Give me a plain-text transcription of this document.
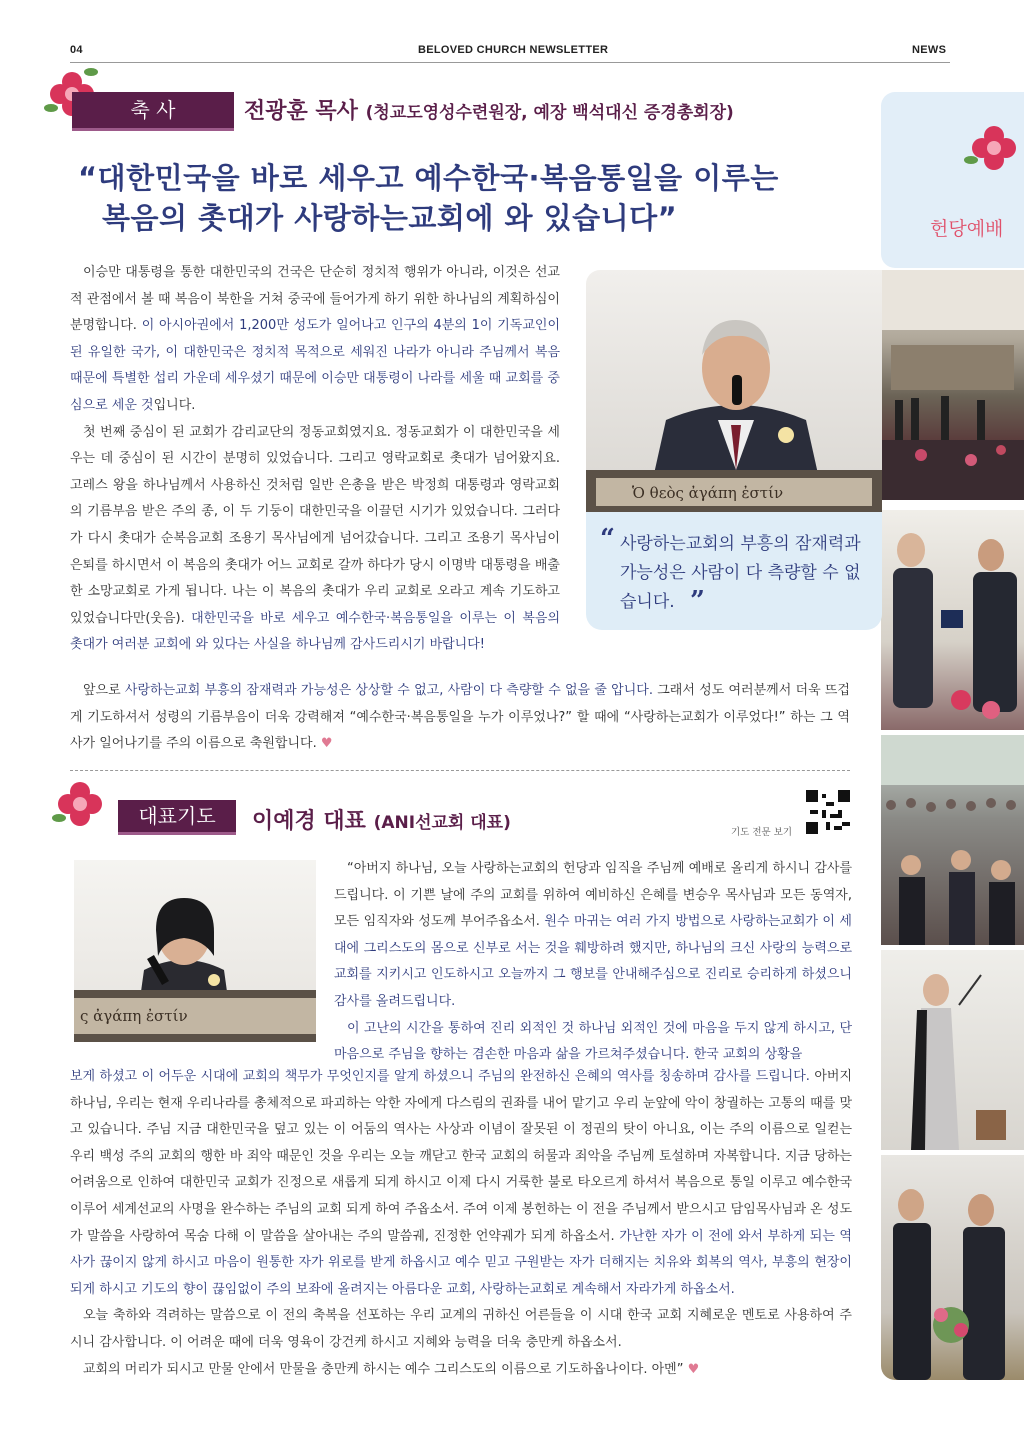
04	BELOVED CHURCH NEWSLETTER	NEWS
헌당예배
축 사	전광훈 목사 (청교도영성수련원장, 예장 백석대신 증경총회장)
“대한민국을 바로 세우고 예수한국·복음통일을 이루는
복음의 촛대가 사랑하는교회에 와 있습니다”

이승만 대통령을 통한 대한민국의 건국은 단순히 정치적 행위가 아니라, 이것은 선교적 관점에서 볼 때 복음이 북한을 거쳐 중국에 들어가게 하기 위한 하나님의 계획하심이 분명합니다. 이 아시아권에서 1,200만 성도가 일어나고 인구의 4분의 1이 기독교인이 된 유일한 국가, 이 대한민국은 정치적 목적으로 세워진 나라가 아니라 주님께서 복음 때문에 특별한 섭리 가운데 세우셨기 때문에 이승만 대통령이 나라를 세울 때 교회를 중심으로 세운 것입니다.

첫 번째 중심이 된 교회가 감리교단의 정동교회였지요. 정동교회가 이 대한민국을 세우는 데 중심이 된 시간이 분명히 있었습니다. 그리고 영락교회로 촛대가 넘어왔지요. 고레스 왕을 하나님께서 사용하신 것처럼 일반 은총을 받은 박정희 대통령과 영락교회의 기름부음 받은 주의 종, 이 두 기둥이 대한민국을 이끌던 시기가 있었습니다. 그러다가 다시 촛대가 순복음교회 조용기 목사님에게 넘어갔습니다. 그리고 조용기 목사님이 은퇴를 하시면서 이 복음의 촛대가 어느 교회로 갈까 하다가 당시 이명박 대통령을 배출한 소망교회로 가게 됩니다. 나는 이 복음의 촛대가 우리 교회로 오라고 계속 기도하고 있었습니다만(웃음). 대한민국을 바로 세우고 예수한국·복음통일을 이루는 이 복음의 촛대가 여러분 교회에 와 있다는 사실을 하나님께 감사드리시기 바랍니다!

앞으로 사랑하는교회 부흥의 잠재력과 가능성은 상상할 수 없고, 사람이 다 측량할 수 없을 줄 압니다. 그래서 성도 여러분께서 더욱 뜨겁게 기도하셔서 성령의 기름부음이 더욱 강력해져 “예수한국·복음통일을 누가 이루었나?” 할 때에 “사랑하는교회가 이루었다!” 하는 그 역사가 일어나기를 주의 이름으로 축원합니다. ♥

Ὁ θεὸς ἀγάπη ἐστίν
“ 사랑하는교회의 부흥의 잠재력과 가능성은 사람이 다 측량할 수 없습니다. ”
대표기도	이예경 대표 (ANI선교회 대표)	기도 전문 보기
ς ἀγάπη ἐστίν

“아버지 하나님, 오늘 사랑하는교회의 헌당과 임직을 주님께 예배로 올리게 하시니 감사를 드립니다. 이 기쁜 날에 주의 교회를 위하여 예비하신 은혜를 변승우 목사님과 모든 동역자, 모든 임직자와 성도께 부어주옵소서. 원수 마귀는 여러 가지 방법으로 사랑하는교회가 이 세대에 그리스도의 몸으로 신부로 서는 것을 훼방하려 했지만, 하나님의 크신 사랑의 능력으로 교회를 지키시고 인도하시고 오늘까지 그 행보를 안내해주심으로 진리로 승리하게 하셨으니 감사를 올려드립니다.

이 고난의 시간을 통하여 진리 외적인 것 하나님 외적인 것에 마음을 두지 않게 하시고, 단 마음으로 주님을 향하는 겸손한 마음과 삶을 가르쳐주셨습니다. 한국 교회의 상황을

보게 하셨고 이 어두운 시대에 교회의 책무가 무엇인지를 알게 하셨으니 주님의 완전하신 은혜의 역사를 칭송하며 감사를 드립니다. 아버지 하나님, 우리는 현재 우리나라를 총체적으로 파괴하는 악한 자에게 다스림의 권좌를 내어 맡기고 우리 눈앞에 악이 창궐하는 고통의 때를 맞고 있습니다. 주님 지금 대한민국을 덮고 있는 이 어둠의 역사는 사상과 이념이 잘못된 이 정권의 탓이 아니요, 이는 주의 이름으로 일컫는 우리 백성 주의 교회의 행한 바 죄악 때문인 것을 우리는 오늘 깨닫고 한국 교회의 허물과 죄악을 주님께 토설하며 자복합니다. 지금 당하는 어려움으로 인하여 대한민국 교회가 진정으로 새롭게 되게 하시고 이제 다시 거룩한 불로 타오르게 하셔서 복음으로 통일 이루고 예수한국 이루어 세계선교의 사명을 완수하는 주님의 교회 되게 하여 주옵소서. 주여 이제 봉헌하는 이 전을 주님께서 받으시고 담임목사님과 온 성도가 말씀을 사랑하여 목숨 다해 이 말씀을 살아내는 주의 말씀궤, 진정한 언약궤가 되게 하옵소서. 가난한 자가 이 전에 와서 부하게 되는 역사가 끊이지 않게 하시고 마음이 원통한 자가 위로를 받게 하옵시고 예수 믿고 구원받는 자가 더해지는 치유와 회복의 역사, 부흥의 현장이 되게 하시고 기도의 향이 끊임없이 주의 보좌에 올려지는 아름다운 교회, 사랑하는교회로 계속해서 자라가게 하옵소서.

오늘 축하와 격려하는 말씀으로 이 전의 축복을 선포하는 우리 교계의 귀하신 어른들을 이 시대 한국 교회 지혜로운 멘토로 사용하여 주시니 감사합니다. 이 어려운 때에 더욱 영육이 강건케 하시고 지혜와 능력을 더욱 충만케 하옵소서.

교회의 머리가 되시고 만물 안에서 만물을 충만케 하시는 예수 그리스도의 이름으로 기도하옵나이다. 아멘” ♥
